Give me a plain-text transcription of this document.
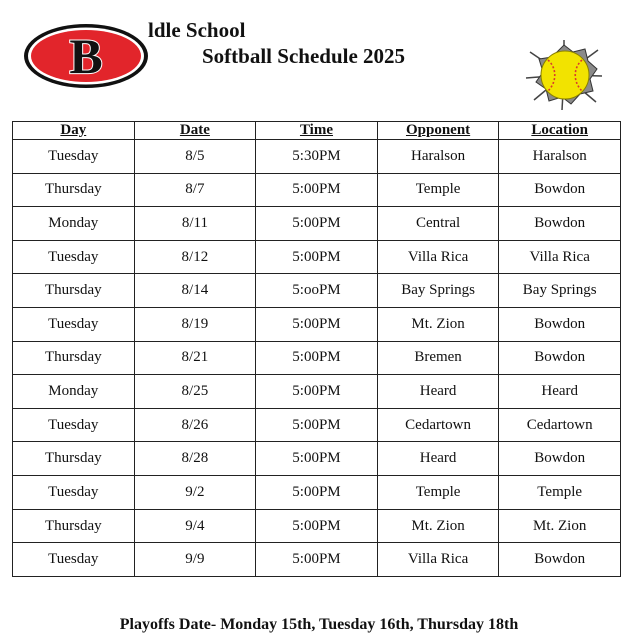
B ldle School
Softball Schedule 2025
Day	Date	Time	Opponent	Location
Tuesday	8/5	5:30PM	Haralson	Haralson
Thursday	8/7	5:00PM	Temple	Bowdon
Monday	8/11	5:00PM	Central	Bowdon
Tuesday	8/12	5:00PM	Villa Rica	Villa Rica
Thursday	8/14	5:ooPM	Bay Springs	Bay Springs
Tuesday	8/19	5:00PM	Mt. Zion	Bowdon
Thursday	8/21	5:00PM	Bremen	Bowdon
Monday	8/25	5:00PM	Heard	Heard
Tuesday	8/26	5:00PM	Cedartown	Cedartown
Thursday	8/28	5:00PM	Heard	Bowdon
Tuesday	9/2	5:00PM	Temple	Temple
Thursday	9/4	5:00PM	Mt. Zion	Mt. Zion
Tuesday	9/9	5:00PM	Villa Rica	Bowdon
Playoffs Date- Monday 15th, Tuesday 16th, Thursday 18th
